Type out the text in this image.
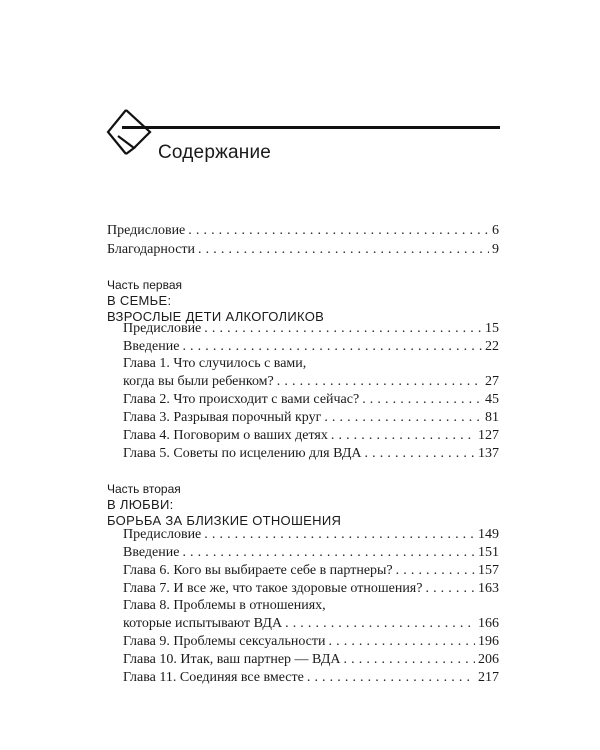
Содержание
Предисловие . . .	6
Благодарности . . .	9
Часть первая
В СЕМЬЕ:
ВЗРОСЛЫЕ ДЕТИ АЛКОГОЛИКОВ
Предисловие . . .	15
Введение . . .	22
Глава 1. Что случилось с вами,
когда вы были ребенком? . . .	27
Глава 2. Что происходит с вами сейчас? . . .	45
Глава 3. Разрывая порочный круг . . .	81
Глава 4. Поговорим о ваших детях . . .	127
Глава 5. Советы по исцелению для ВДА . . .	137
Часть вторая
В ЛЮБВИ:
БОРЬБА ЗА БЛИЗКИЕ ОТНОШЕНИЯ
Предисловие . . .	149
Введение . . .	151
Глава 6. Кого вы выбираете себе в партнеры? . . .	157
Глава 7. И все же, что такое здоровые отношения? . . .	163
Глава 8. Проблемы в отношениях,
которые испытывают ВДА . . .	166
Глава 9. Проблемы сексуальности . . .	196
Глава 10. Итак, ваш партнер — ВДА . . .	206
Глава 11. Соединяя все вместе . . .	217
